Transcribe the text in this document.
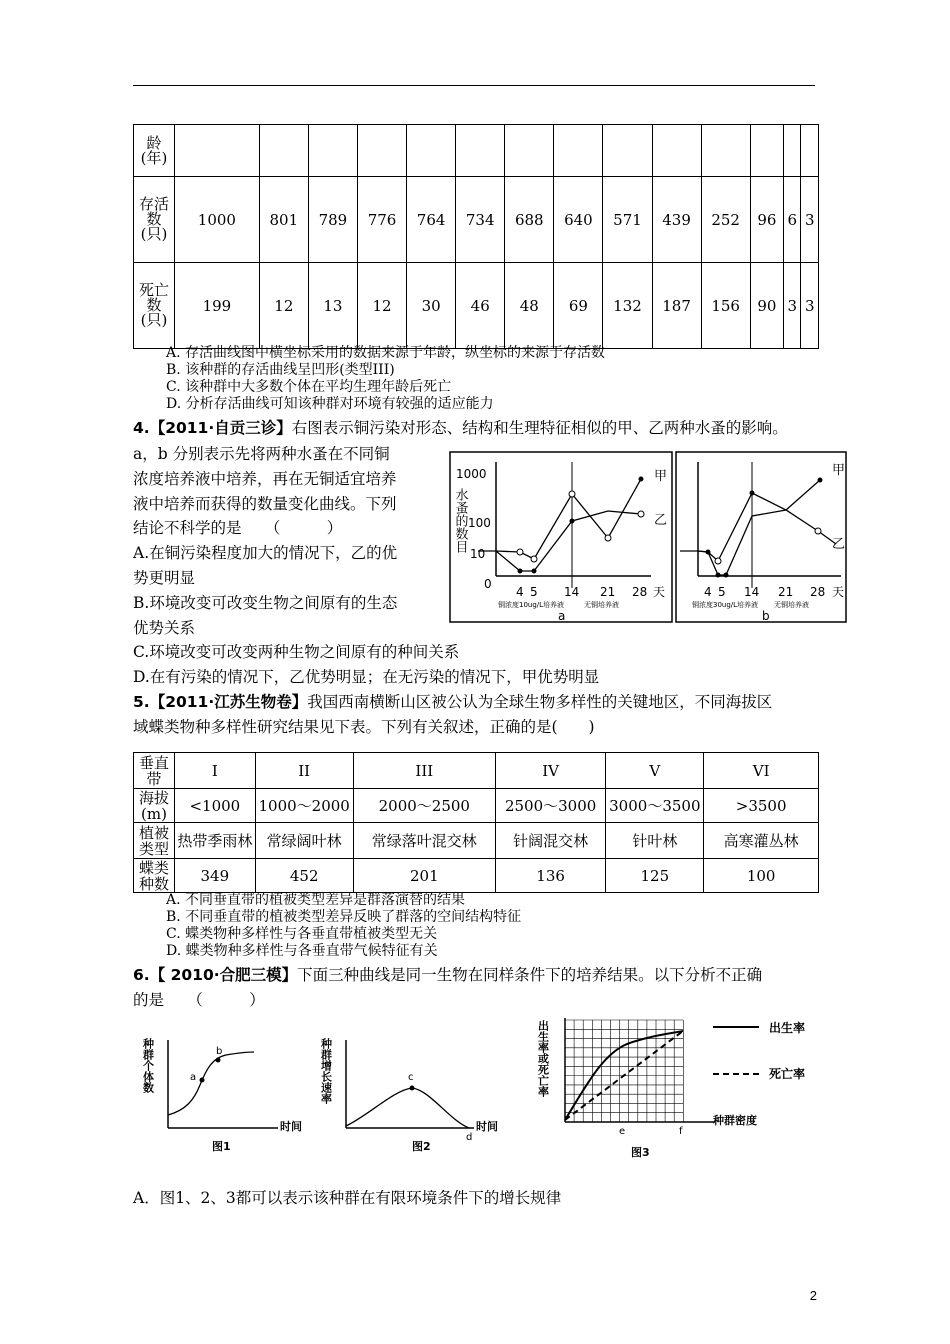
龄(年)														
存活数(只)	1000	801	789	776	764	734	688	640	571	439	252	96	6	3
死亡数(只)	199	12	13	12	30	46	48	69	132	187	156	90	3	3
A. 存活曲线图中横坐标采用的数据来源于年龄，纵坐标的来源于存活数
B. 该种群的存活曲线呈凹形(类型III)
C. 该种群中大多数个体在平均生理年龄后死亡
D. 分析存活曲线可知该种群对环境有较强的适应能力
4.【2011·自贡三诊】右图表示铜污染对形态、结构和生理特征相似的甲、乙两种水蚤的影响。
a，b 分别表示先将两种水蚤在不同铜
浓度培养液中培养，再在无铜适宜培养
液中培养而获得的数量变化曲线。下列
结论不科学的是　　（　　　）
A.在铜污染程度加大的情况下，乙的优
势更明显
B.环境改变可改变生物之间原有的生态
优势关系
C.环境改变可改变两种生物之间原有的种间关系
D.在有污染的情况下，乙优势明显；在无污染的情况下，甲优势明显
水蚤的数目
1000
100
10
0
甲
乙
4 5 14 21 28 天
铜浓度10ug/L培养液	无铜培养液
a
甲
乙
4 5 14 21 28 天
铜浓度30ug/L培养液 无铜培养液
b
5.【2011·江苏生物卷】我国西南横断山区被公认为全球生物多样性的关键地区，不同海拔区
域蝶类物种多样性研究结果见下表。下列有关叙述，正确的是(　　)
垂直带	I	II	III	IV	V	VI
海拔(m)	<1000	1000～2000	2000～2500	2500～3000	3000～3500	>3500
植被类型	热带季雨林	常绿阔叶林	常绿落叶混交林	针阔混交林	针叶林	高寒灌丛林
蝶类种数	349	452	201	136	125	100
A. 不同垂直带的植被类型差异是群落演替的结果
B. 不同垂直带的植被类型差异反映了群落的空间结构特征
C. 蝶类物种多样性与各垂直带植被类型无关
D. 蝶类物种多样性与各垂直带气候特征有关
6.【 2010·合肥三模】下面三种曲线是同一生物在同样条件下的培养结果。以下分析不正确
的是　　（　　　）
种群个体数	a
b
时间
图1
种群增长速率	c
d
时间
图2
出生率或死亡率
e	f
种群密度
图3
出生率
死亡率
A．图1、2、3都可以表示该种群在有限环境条件下的增长规律
2
